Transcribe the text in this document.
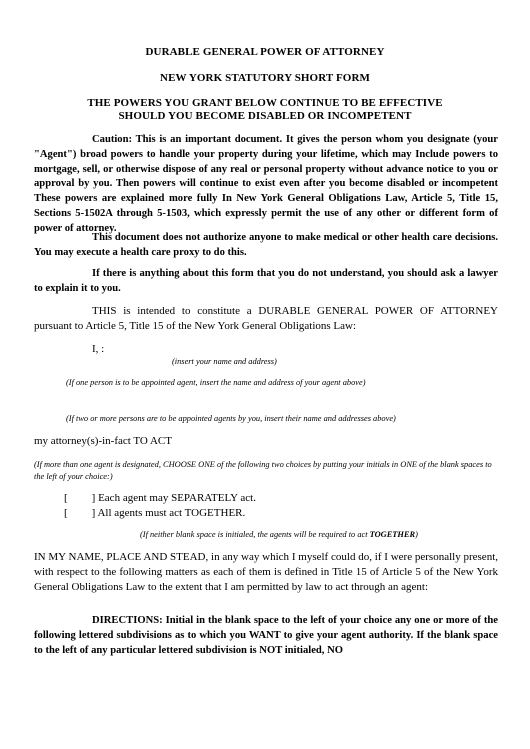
DURABLE GENERAL POWER OF ATTORNEY
NEW YORK STATUTORY SHORT FORM
THE POWERS YOU GRANT BELOW CONTINUE TO BE EFFECTIVE
SHOULD YOU BECOME DISABLED OR INCOMPETENT

Caution: This is an important document. It gives the person whom you designate (your "Agent") broad powers to handle your property during your lifetime, which may Include powers to mortgage, sell, or otherwise dispose of any real or personal property without advance notice to you or approval by you. Then powers will continue to exist even after you become disabled or incompetent These powers are explained more fully In New York General Obligations Law, Article 5, Title 15, Sections 5-1502A through 5-1503, which expressly permit the use of any other or different form of power of attorney.

This document does not authorize anyone to make medical or other health care decisions. You may execute a health care proxy to do this.

If there is anything about this form that you do not understand, you should ask a lawyer to explain it to you.

THIS is intended to constitute a DURABLE GENERAL POWER OF ATTORNEY pursuant to Article 5, Title 15 of the New York General Obligations Law:

I, :
(insert your name and address)
(If one person is to be appointed agent, insert the name and address of your agent above)
(If two or more persons are to be appointed agents by you, insert their name and addresses above)
my attorney(s)-in-fact TO ACT

(If more than one agent is designated, CHOOSE ONE of the following two choices by putting your initials in ONE of the blank spaces to the left of your choice:)

[ ] Each agent may SEPARATELY act.
[ ] All agents must act TOGETHER.
(If neither blank space is initialed, the agents will be required to act TOGETHER)

IN MY NAME, PLACE AND STEAD, in any way which I myself could do, if I were personally present, with respect to the following matters as each of them is defined in Title 15 of Article 5 of the New York General Obligations Law to the extent that I am permitted by law to act through an agent:

DIRECTIONS: Initial in the blank space to the left of your choice any one or more of the following lettered subdivisions as to which you WANT to give your agent authority. If the blank space to the left of any particular lettered subdivision is NOT initialed, NO
